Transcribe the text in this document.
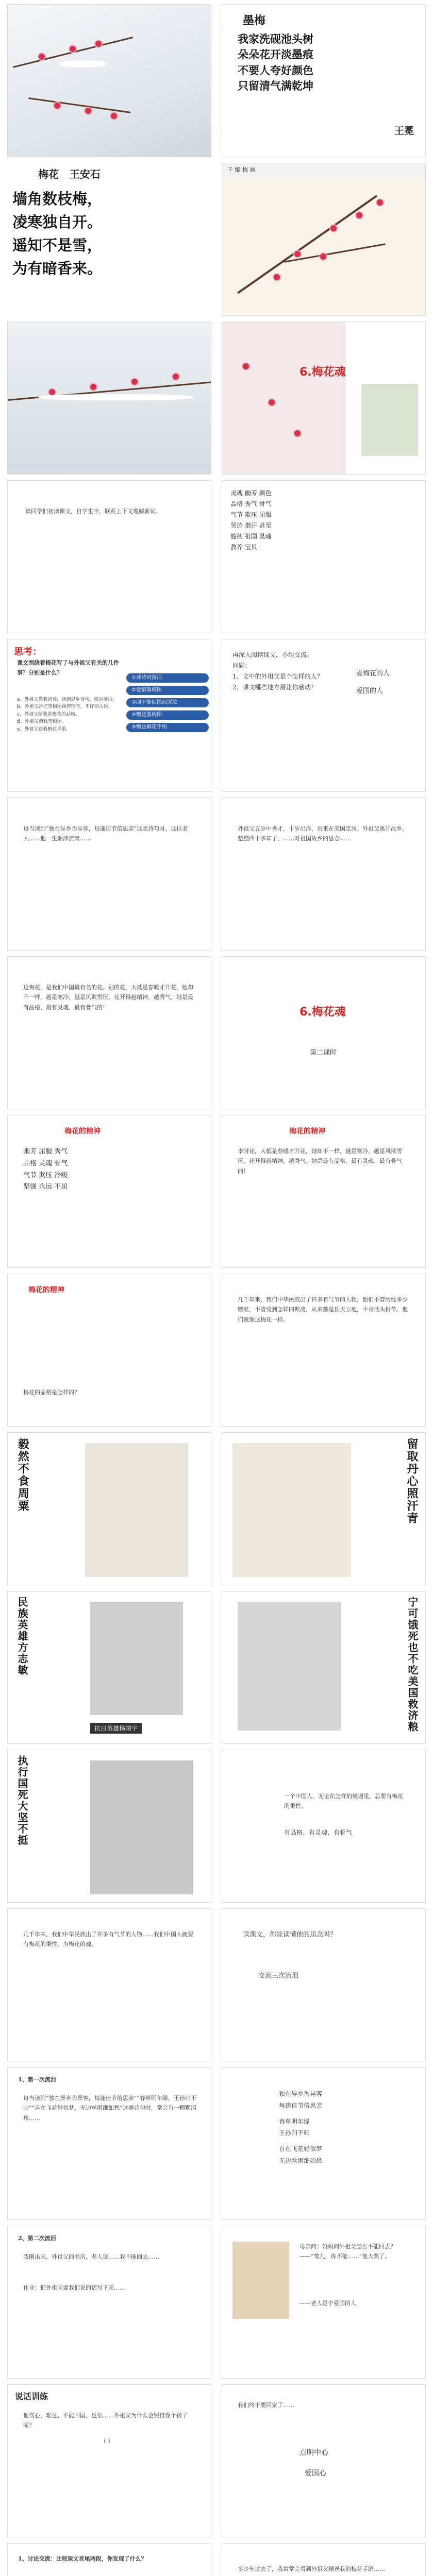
墨梅
我家洗砚池头树
朵朵花开淡墨痕
不要人夸好颜色
只留清气满乾坤
王冕
梅花   王安石
墙角数枝梅，
凌寒独自开。
遥知不是雪，
为有暗香来。
千 编 梅 画
6.梅花魂
读同学们初读课文，自学生字，联系上下文理解新词。
灵魂 幽芳 颜色
品格 秀气 骨气
气节 欺压 屈服
哭泣 揩汗 甚至
缝纫 祖国 灵魂
教养 宝贝
思考：
课文围绕着梅花写了与外祖父有关的几件事？分别是什么？
a、外祖父教我读诗，读到思乡诗句，就会落泪。
b、外祖父常把墨梅图视若珍宝，不许别人碰。
c、外祖父给我讲梅花的品格。
d、外祖父赠我墨梅图。
e、外祖父送我梅花手绢。
①读诗词落泪
②爱惜墨梅图
③回不能回国而哭泣
④赠送墨梅图
⑤赠送梅花手绢
再深入阅读课文，小组交流。
问题：
1、文中的外祖父是个怎样的人？
2、课文哪些地方最让你感动？
爱梅花的人
爱国的人
每当读到“独在异乡为异客，每逢佳节倍思亲”这类诗句时，这位老人……他一生颠沛流离……
外祖父五岁中秀才，十岁出洋，后来在美国定居。外祖父离开故乡，整整四十多年了，……对祖国故乡的思念……
这梅花，是我们中国最有名的花。别的花，大抵是春暖才开花，她却不一样，越是寒冷，越是风欺雪压，花开得越精神，越秀气。她是最有品格、最有灵魂、最有骨气的！	6.梅花魂
第二课时
梅花的精神
幽芳 屈服 秀气
品格 灵魂 骨气
气节 欺压 冷峻
坚强 永远 不屈
梅花的精神
李时花，大抵是春暖才开花，她却不一样，越是寒冷，越是风欺雪压，花开得越精神，越秀气。她是最有品格、最有灵魂、最有骨气的！
梅花的精神
梅花的品格是怎样的？
几千年来，我们中华民族出了许多有气节的人物，他们不管历经多少磨难，不管受到怎样的欺凌，从来都是顶天立地，不肯低头折节。他们就像这梅花一样。
毅然不食周粟	留取丹心照汗青
民族英雄方志敏
抗日英雄杨靖宇	宁可饿死也不吃美国救济粮
执行国死大坚不挺	一个中国人，无论在怎样的境遇里，总要有梅花的秉性。
有品格、有灵魂、有骨气
几千年来，我们中华民族出了许多有气节的人物……我们中国人就要有梅花的秉性，为梅花的魂。
读课文，你能读懂他的思念吗？
交流三次流泪
1、第一次流泪
每当读到“独在异乡为异客，每逢佳节倍思亲”“春草明年绿，王孙归不归”“自在飞花轻似梦，无边丝雨细如愁”这类诗句时，常会有一颗颗泪珠……
独在异乡为异客
每逢佳节倍思亲
春草明年绿
王孙归不归
自在飞花轻似梦
无边丝雨细如愁
2、第二次流泪
我刚出来，外祖父的书房，老人说……我不能回去……
作业：把外祖父要我们说的话写下来……
母亲问：妈妈问外祖父怎么不能回去？——“莺儿，你不能……”他大哭了。
——老人是个爱国的人
说话训练
他伤心、难过、不能回国，也很……外祖父为什么会哭得像个孩子呢？
（ ）
我们终于要回家了……
点明中心
爱国心
1、讨论交流：比较课文首尾两段，你发现了什么？
多少年过去了，我常常会看到外祖父赠送我的梅花手绢……
